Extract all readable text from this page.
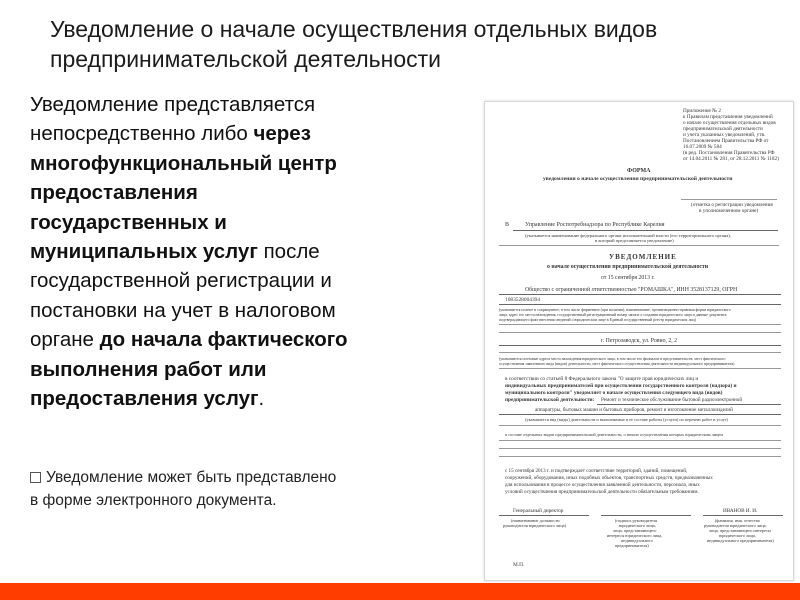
Уведомление о начале осуществления отдельных видов
предпринимательской деятельности
Уведомление представляется
непосредственно либо через
многофункциональный центр
предоставления
государственных и
муниципальных услуг после
государственной регистрации и
постановки на учет в налоговом
органе до начала фактического
выполнения работ или
предоставления услуг.
Уведомление может быть представлено
в форме электронного документа.
Приложение № 2
к Правилам представления уведомлений
о начале осуществления отдельных видов
предпринимательской деятельности
и учета указанных уведомлений, утв.
Постановлением Правительства РФ от
16.07.2009 № 584
(в ред. Постановления Правительства РФ
от 14.04.2011 № 281, от 28.12.2011 № 1182)
ФОРМА
уведомления о начале осуществления предпринимательской деятельности
(отметка о регистрации уведомления
в уполномоченном органе)
В	Управление Роспотребнадзора по Республике Карелия
(указывается наименование федерального органа исполнительной власти (его территориального органа),
в который представляется уведомление)
УВЕДОМЛЕНИЕ
о начале осуществления предпринимательской деятельности
от 15 сентября 2013 г.
Общество с ограниченной ответственностью "РОМАШКА", ИНН 3528137129, ОГРН
1083528004394
(указывается полное и сокращенное, в том числе фирменное (при наличии), наименование, организационно-правовая форма юридического
лица, адрес его места нахождения, государственный регистрационный номер записи о создании юридического лица и данные документа,
подтверждающего факт внесения сведений о юридическом лице в Единый государственный реестр юридических лиц)
г. Петрозаводск, ул. Ровио, 2, 2
(указываются почтовые адреса места нахождения юридического лица, в том числе его филиалов и представительств, мест фактического
осуществления заявленного вида (видов) деятельности, мест фактического осуществления деятельности индивидуального предпринимателя)
в соответствии со статьей 8 Федерального закона "О защите прав юридических лиц и
индивидуальных предпринимателей при осуществлении государственного контроля (надзора) и
муниципального контроля" уведомляет о начале осуществления следующего вида (видов)
предпринимательской деятельности: Ремонт и техническое обслуживание бытовой радиоэлектронной
аппаратуры, бытовых машин и бытовых приборов, ремонт и изготовление металлоизделий
(указывается вид (виды) деятельности и выполняемые в ее составе работы (услуги) по перечню работ и услуг)
в составе отдельных видов предпринимательской деятельности, о начале осуществления которых юридическим лицем
с 15 сентября 2013 г. и подтверждает соответствие территорий, зданий, помещений,
сооружений, оборудования, иных подобных объектов, транспортных средств, предназначенных
для использования в процессе осуществления заявленной деятельности, персонала, иных
условий осуществления предпринимательской деятельности обязательным требованиям.
Генеральный директор
(наименование должности
руководителя юридического лица)
(подпись руководителя
юридического лица,
лица, представляющего
интересы юридического лица,
индивидуального
предпринимателя)
ИВАНОВ И. И.
(фамилия, имя, отчество
руководителя юридического лица,
лица, представляющего интересы
юридического лица,
индивидуального предпринимателя)
М.П.
